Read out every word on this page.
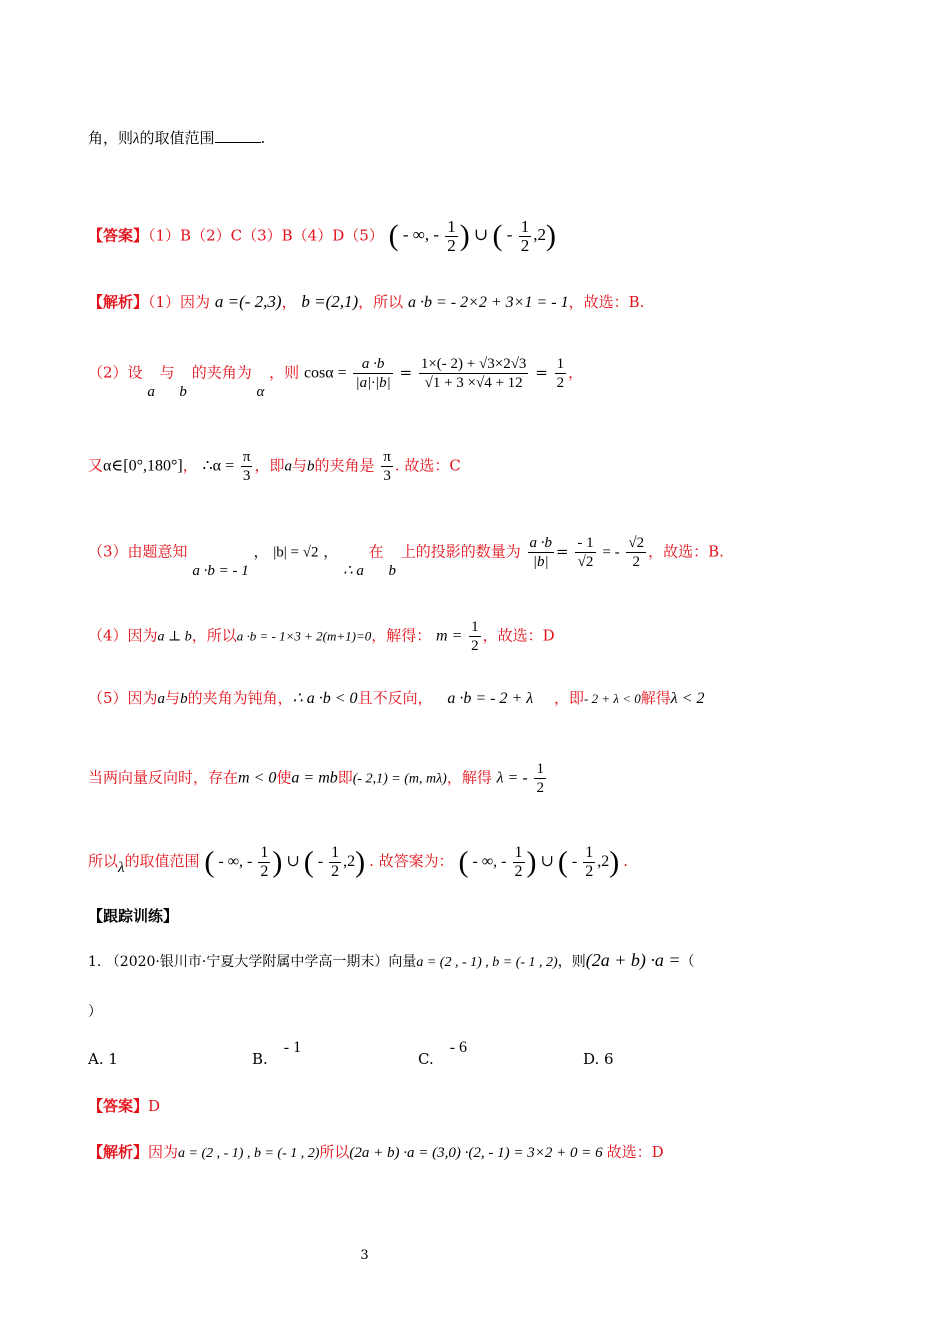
角，则λ的取值范围	.
【答案】（1）B（2）C（3）B（4）D（5） ( - ∞, - $\frac{1}{2}$ ) ∪ ( - $\frac{1}{2} ,2$)
【解析】（1）因为 a =(- 2,3)， b =(2,1)，所以 a ·b = - 2×2 + 3×1 = - 1，故选：B.
（2）设 a 与 b 的夹角为 α ，则 $\cos\alpha = \frac{a \cdot b}{|a|\cdot|b|} = \frac{1\times(- 2) + √3\times 2√3}{√1 + 3 \times√4 + 12} = \frac{1}{2}$ ，
又α∈[0°,180°]， ∴α = $\frac{\pi}{3}$ ，即a与b的夹角是 $\frac{\pi}{3}$ . 故选：C
（3）由题意知 a ·b = - 1 ， |b| = √2 ， ∴ a 在 b 上的投影的数量为 $\frac{a \cdot b}{|b|} = \frac{- 1}{√2}$ = - $\frac{√2}{2}$ ，故选：B.
（4）因为a ⊥ b，所以a ·b = - 1×3 + 2(m+1)=0，解得： $m = \frac{1}{2}$ ，故选：D
（5）因为a与b的夹角为钝角，∴ a ·b < 0且不反向， a ·b = - 2 + λ ，即- 2 + λ < 0解得λ < 2
当两向量反向时，存在m < 0使a = mb即(- 2,1) = (m, mλ)，解得 λ = - $\frac{1}{2}$
所以λ的取值范围 ( - ∞, - $\frac{1}{2}$ ) ∪ ( - $\frac{1}{2} ,2$) . 故答案为： ( - ∞, - $\frac{1}{2}$ ) ∪ ( - $\frac{1}{2} ,2$) .
【跟踪训练】
1. （2020·银川市·宁夏大学附属中学高一期末）向量a = (2 , - 1) , b = (- 1 , 2)，则(2a + b) ·a =（
）
A. 1	B.- 1
C.- 6
D. 6
【答案】D
【解析】因为a = (2 , - 1) , b = (- 1 , 2)所以(2a + b) ·a = (3,0) ·(2, - 1) = 3×2 + 0 = 6 故选：D
3
